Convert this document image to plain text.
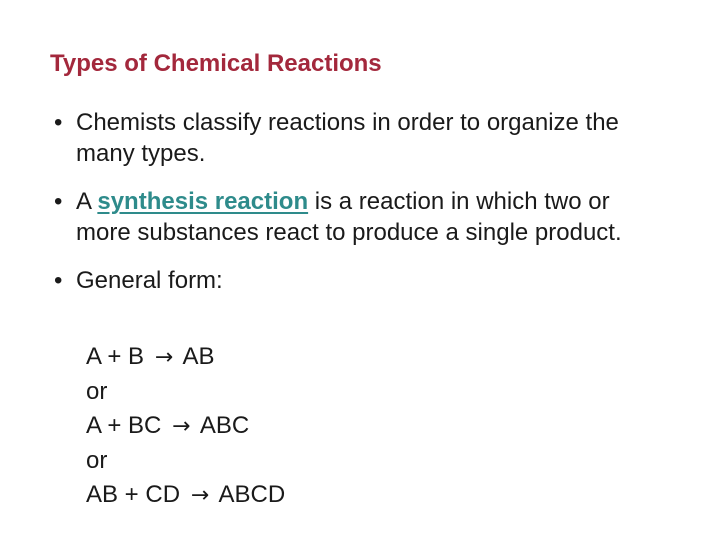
Types of Chemical Reactions
• Chemists classify reactions in order to organize the many types.
• A synthesis reaction is a reaction in which two or more substances react to produce a single product.
• General form:
A + B → AB
or
A + BC → ABC
or
AB + CD → ABCD
